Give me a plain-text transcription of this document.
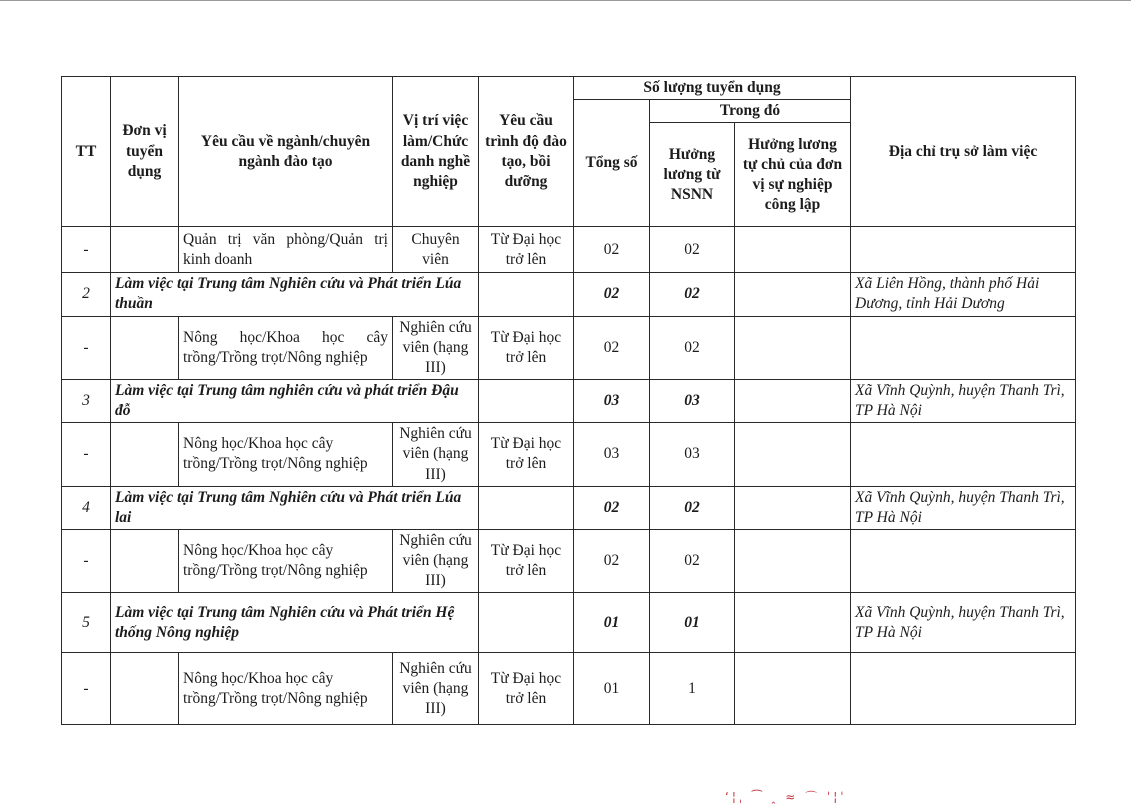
TT	Đơn vị tuyển dụng	Yêu cầu về ngành/chuyên ngành đào tạo	Vị trí việc làm/Chức danh nghề nghiệp	Yêu cầu trình độ đào tạo, bồi dưỡng	Số lượng tuyển dụng			Địa chỉ trụ sở làm việc
					Tổng số	Trong đó		
						Hưởng lương từ NSNN	Hưởng lương tự chủ của đơn vị sự nghiệp công lập	
-		Quản trị văn phòng/Quản trị kinh doanh	Chuyên viên	Từ Đại học trở lên	02	02		
2	Làm việc tại Trung tâm Nghiên cứu và Phát triển Lúa thuần				02	02		Xã Liên Hồng, thành phố Hải Dương, tỉnh Hải Dương
-		Nông học/Khoa học cây trồng/Trồng trọt/Nông nghiệp	Nghiên cứu viên (hạng III)	Từ Đại học trở lên	02	02		
3	Làm việc tại Trung tâm nghiên cứu và phát triển Đậu đỗ				03	03		Xã Vĩnh Quỳnh, huyện Thanh Trì, TP Hà Nội
-		Nông học/Khoa học cây trồng/Trồng trọt/Nông nghiệp	Nghiên cứu viên (hạng III)	Từ Đại học trở lên	03	03		
4	Làm việc tại Trung tâm Nghiên cứu và Phát triển Lúa lai				02	02		Xã Vĩnh Quỳnh, huyện Thanh Trì, TP Hà Nội
-		Nông học/Khoa học cây trồng/Trồng trọt/Nông nghiệp	Nghiên cứu viên (hạng III)	Từ Đại học trở lên	02	02		
5	Làm việc tại Trung tâm Nghiên cứu và Phát triển Hệ thống Nông nghiệp				01	01		Xã Vĩnh Quỳnh, huyện Thanh Trì, TP Hà Nội
-		Nông học/Khoa học cây trồng/Trồng trọt/Nông nghiệp	Nghiên cứu viên (hạng III)	Từ Đại học trở lên	01	1		
ʻ¦ˌ ⁀ ꞈ ≈ ⌒ ˈ¦ˈ
